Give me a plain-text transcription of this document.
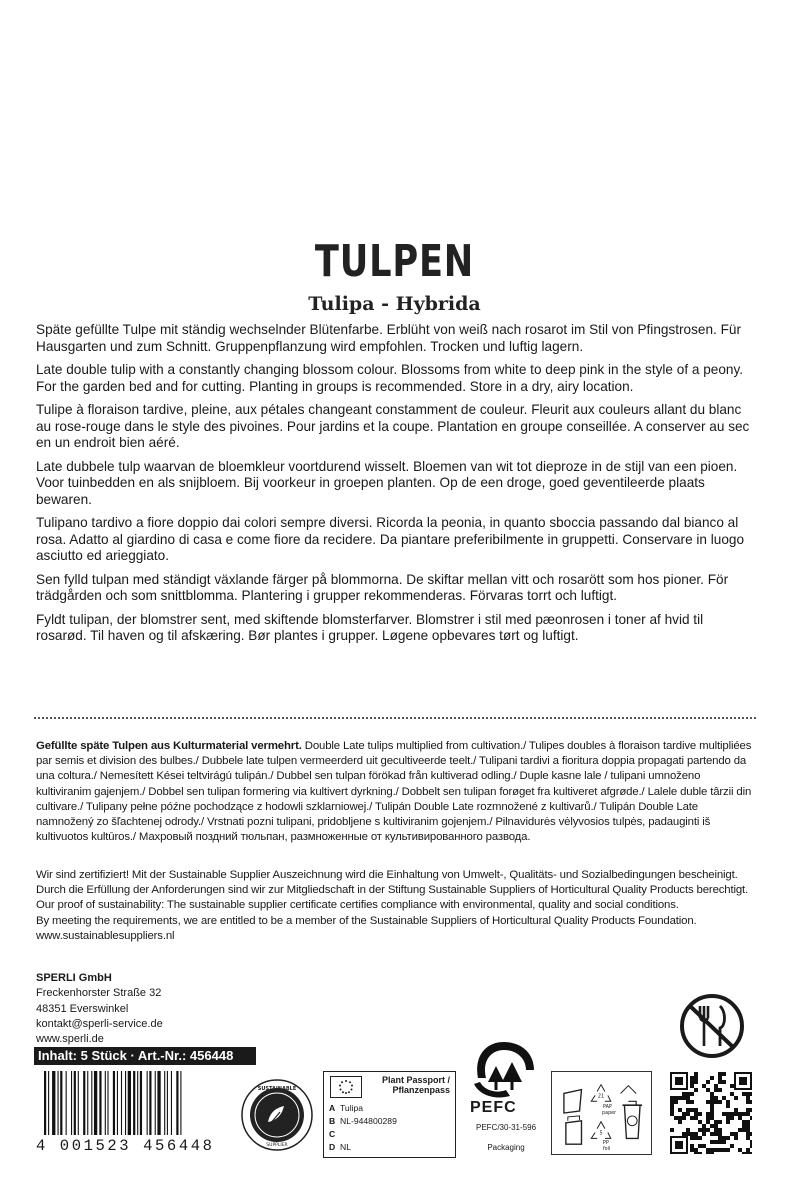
TULPEN
Tulipa - Hybrida

Späte gefüllte Tulpe mit ständig wechselnder Blütenfarbe. Erblüht von weiß nach rosarot im Stil von Pfingstrosen. Für Hausgarten und zum Schnitt. Gruppenpflanzung wird empfohlen. Trocken und luftig lagern.

Late double tulip with a constantly changing blossom colour. Blossoms from white to deep pink in the style of a peony. For the garden bed and for cutting. Planting in groups is recommended. Store in a dry, airy location.

Tulipe à floraison tardive, pleine, aux pétales changeant constamment de couleur. Fleurit aux couleurs allant du blanc au rose-rouge dans le style des pivoines. Pour jardins et la coupe. Plantation en groupe conseillée. A conserver au sec en un endroit bien aéré.

Late dubbele tulp waarvan de bloemkleur voortdurend wisselt. Bloemen van wit tot dieproze in de stijl van een pioen. Voor tuinbedden en als snijbloem. Bij voorkeur in groepen planten. Op de een droge, goed geventileerde plaats bewaren.

Tulipano tardivo a fiore doppio dai colori sempre diversi. Ricorda la peonia, in quanto sboccia passando dal bianco al rosa. Adatto al giardino di casa e come fiore da recidere. Da piantare preferibilmente in gruppetti. Conservare in luogo asciutto ed arieggiato.

Sen fylld tulpan med ständigt växlande färger på blommorna. De skiftar mellan vitt och rosarött som hos pioner. För trädgården och som snittblomma. Plantering i grupper rekommenderas. Förvaras torrt och luftigt.

Fyldt tulipan, der blomstrer sent, med skiftende blomsterfarver. Blomstrer i stil med pæonrosen i toner af hvid til rosarød. Til haven og til afskæring. Bør plantes i grupper. Løgene opbevares tørt og luftigt.

Gefüllte späte Tulpen aus Kulturmaterial vermehrt. Double Late tulips multiplied from cultivation./ Tulipes doubles à floraison tardive multipliées par semis et division des bulbes./ Dubbele late tulpen vermeerderd uit gecultiveerde teelt./ Tulipani tardivi a fioritura doppia propagati partendo da una coltura./ Nemesített Kései teltvirágú tulipán./ Dubbel sen tulpan förökad från kultiverad odling./ Duple kasne lale / tulipani umnoženo kultiviranim gajenjem./ Dobbel sen tulipan formering via kultivert dyrkning./ Dobbelt sen tulipan forøget fra kultiveret afgrøde./ Lalele duble târzii din cultivare./ Tulipany pełne późne pochodzące z hodowli szklarniowej./ Tulipán Double Late rozmnožené z kultivarů./ Tulipán Double Late namnožený zo šľachtenej odrody./ Vrstnati pozni tulipani, pridobljene s kultiviranim gojenjem./ Pilnavidurės vėlyvosios tulpės, padauginti iš kultivuotos kultūros./ Махровый поздний тюльпан, размноженные от культивированного развода.
Wir sind zertifiziert! Mit der Sustainable Supplier Auszeichnung wird die Einhaltung von Umwelt-, Qualitäts- und Sozialbedingungen bescheinigt.
Durch die Erfüllung der Anforderungen sind wir zur Mitgliedschaft in der Stiftung Sustainable Suppliers of Horticultural Quality Products berechtigt.
Our proof of sustainability: The sustainable supplier certificate certifies compliance with environmental, quality and social conditions.
By meeting the requirements, we are entitled to be a member of the Sustainable Suppliers of Horticultural Quality Products Foundation.
www.sustainablesuppliers.nl
SPERLI GmbH
Freckenhorster Straße 32
48351 Everswinkel
kontakt@sperli-service.de
www.sperli.de
Inhalt: 5 Stück · Art.-Nr.: 456448
4 001523 456448
SUSTAINABLE
SUPPLIER
Plant Passport /
Pflanzenpass
A Tulipa
B NL-944800289
C
D NL
PEFC
PEFC/30-31-596
Packaging
21
5
PAP
paper
PP
foil
